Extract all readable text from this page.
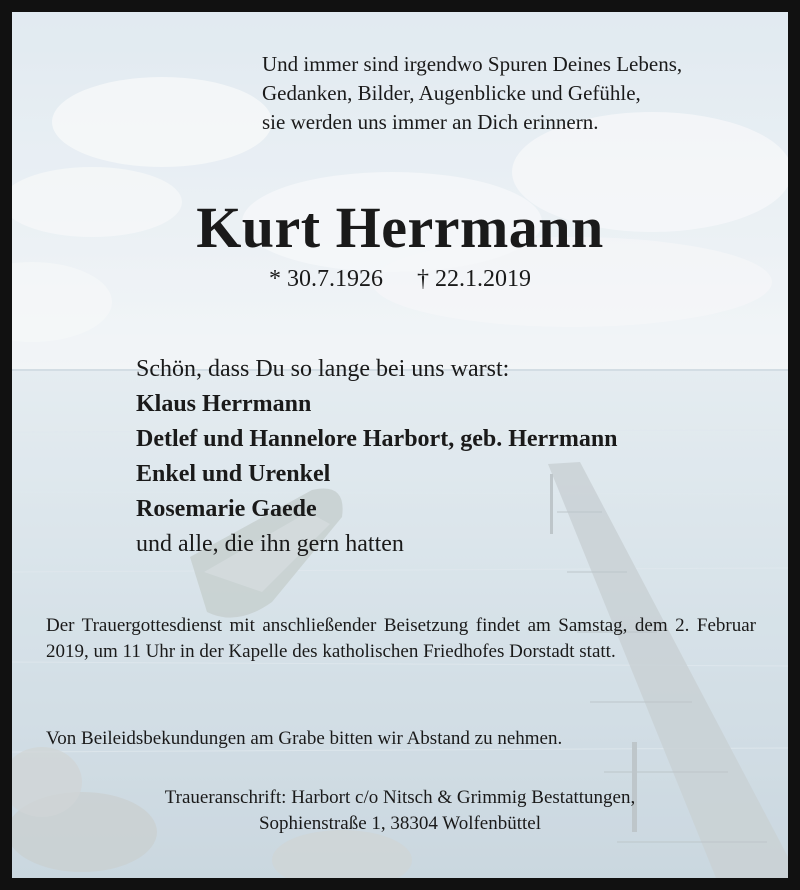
Und immer sind irgendwo Spuren Deines Lebens,
Gedanken, Bilder, Augenblicke und Gefühle,
sie werden uns immer an Dich erinnern.
Kurt Herrmann
* 30.7.1926 † 22.1.2019
Schön, dass Du so lange bei uns warst:
Klaus Herrmann
Detlef und Hannelore Harbort, geb. Herrmann
Enkel und Urenkel
Rosemarie Gaede
und alle, die ihn gern hatten

Der Trauergottesdienst mit anschließender Beisetzung findet am Samstag, dem 2. Februar 2019, um 11 Uhr in der Kapelle des katholischen Friedhofes Dorstadt statt.

Von Beileidsbekundungen am Grabe bitten wir Abstand zu nehmen.

Traueranschrift: Harbort c/o Nitsch & Grimmig Bestattungen,
Sophienstraße 1, 38304 Wolfenbüttel
